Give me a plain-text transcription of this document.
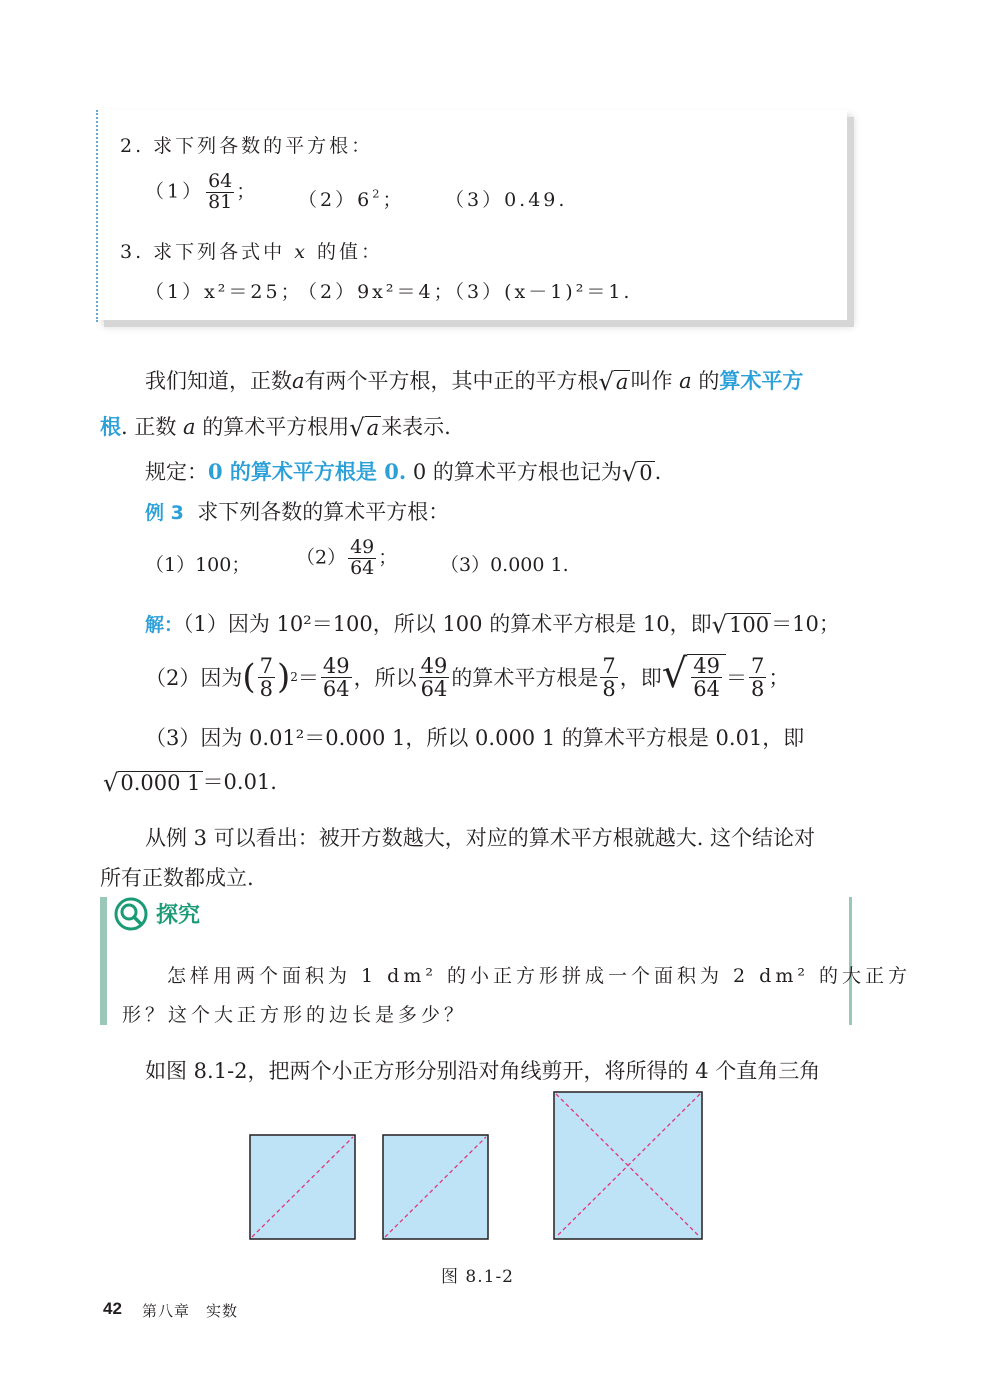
2. 求下列各数的平方根：
$(1) \frac{64}{81}$ ； $(2)6^2$； （3）0.49.
3. 求下列各式中 x 的值：
（1）x²＝25；
（2）9x²＝4；
（3）(x－1)²＝1.
我们知道，正数a有两个平方根，其中正的平方根 √ a 叫作 a 的算术平方
根. 正数 a 的算术平方根用 √ a 来表示.
规定：0 的算术平方根是 0. 0 的算术平方根也记为 √ 0 .
例 3 求下列各数的算术平方根：
（1）100； $(2) \frac{49}{64}$ ； （3）0.000 1.
解：（1）因为 10²＝100，所以 100 的算术平方根是 10，即 √ 100 ＝10；
（2）因为 ( $\frac{7}{8}$ ) $2 = \frac{49}{64}$ ， 所以 $\frac{49}{64}$ 的算术平方根是 $\frac{7}{8}$ ， 即 √ $\frac{49}{64} = \frac{7}{8}$ ；
（3）因为 0.01²＝0.000 1，所以 0.000 1 的算术平方根是 0.01，即
√ 0.000 1 ＝0.01.
从例 3 可以看出：被开方数越大，对应的算术平方根就越大. 这个结论对
所有正数都成立.
探究
怎样用两个面积为 1 dm² 的小正方形拼成一个面积为 2 dm² 的大正方
形？这个大正方形的边长是多少？
如图 8.1-2，把两个小正方形分别沿对角线剪开，将所得的 4 个直角三角
图 8.1-2
42 第八章　实数
